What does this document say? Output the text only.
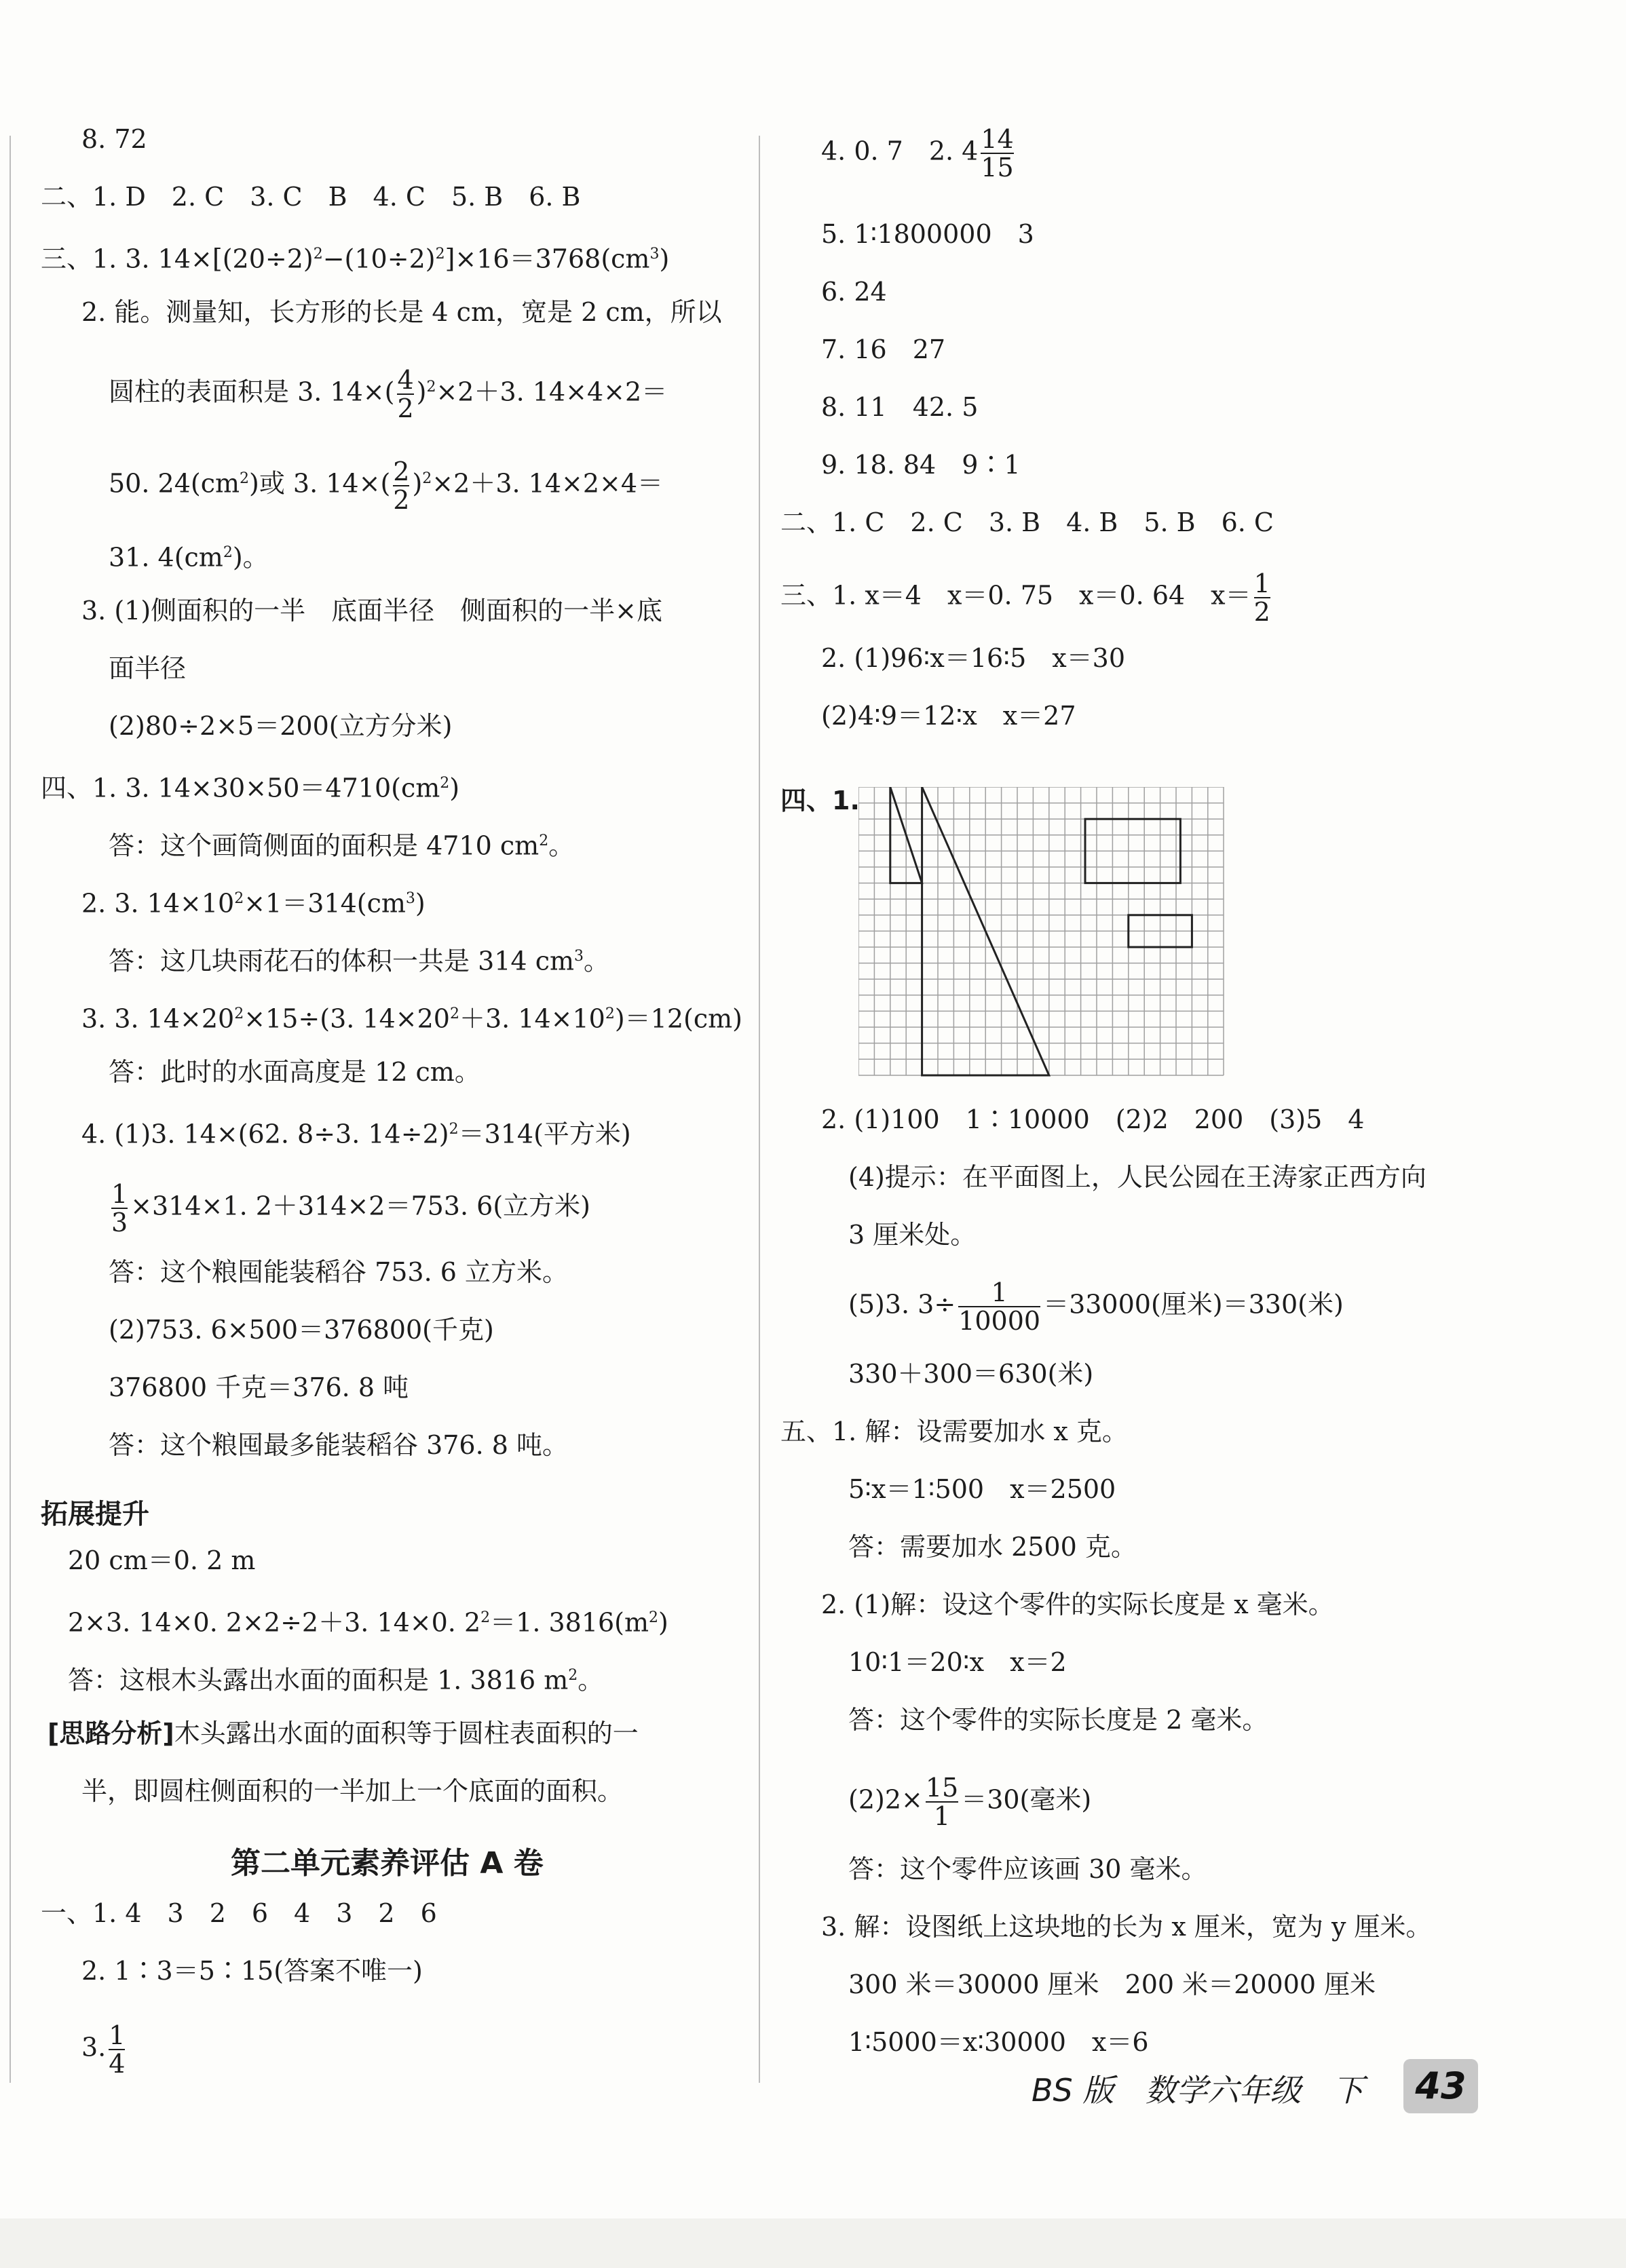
8. 72
二、1. D　2. C　3. C　B　4. C　5. B　6. B
三、1. 3. $14\times[(20\div 2)^2-(10\div 2)^2]\times 16=3768(cm^3)$
2. 能。测量知，长方形的长是 4 cm，宽是 2 cm，所以
圆柱的表面积是 3. $14\times( \frac{4}{2} )^2\times 2+3$. 14×4×2＝
50. $24(cm^2)$或 3. $14\times( \frac{2}{2} )^2\times 2+3$. 14×2×4＝
31. $4(cm^2)$。
3. (1)侧面积的一半　底面半径　侧面积的一半×底
面半径
(2)80÷2×5＝200(立方分米)
四、1. 3. $14\times 30\times 50=4710(cm^2)$
答：这个画筒侧面的面积是 4710 $cm^2$。
2. 3. $14\times 10^2\times 1=314(cm^3)$
答：这几块雨花石的体积一共是 314 $cm^3$。
3. 3. $14\times 20^2\times 15\div(3$. $14\times 20^2+3$. $14\times 10^2)=12(cm)$
答：此时的水面高度是 12 cm。
4. (1)3. 14×(62. 8÷3. 14÷2)$^2$＝314(平方米)
$\frac{1}{3} \times 314\times 1$. 2＋314×2＝753. 6(立方米)
答：这个粮囤能装稻谷 753. 6 立方米。
(2)753. 6×500＝376800(千克)
376800 千克＝376. 8 吨
答：这个粮囤最多能装稻谷 376. 8 吨。
拓展提升
20 cm＝0. 2 m
2×3. 14×0. 2×2÷2＋3. 14×0. $2^2=1$. $3816(m^2)$
答：这根木头露出水面的面积是 1. 3816 $m^2$。
[思路分析]木头露出水面的面积等于圆柱表面积的一
半，即圆柱侧面积的一半加上一个底面的面积。
第二单元素养评估 A 卷
一、1. 4　3　2　6　4　3　2　6
2. 1∶3＝5∶15(答案不唯一)
3. $\frac{1}{4}$
4. 0. 7　2. $4 \frac{14}{15}$
5. 1∶1800000　3
6. 24
7. 16　27
8. 11　42. 5
9. 18. 84　9∶1
二、1. C　2. C　3. B　4. B　5. B　6. C
三、1. x＝4　x＝0. 75　x＝0. 64　$x= \frac{1}{2}$
2. (1)96∶x＝16∶5　x＝30
(2)4∶9＝12∶x　x＝27
四、1.
2. (1)100　1∶10000　(2)2　200　(3)5　4
(4)提示：在平面图上，人民公园在王涛家正西方向
3 厘米处。
(5)3. $3\div \frac{1}{10000} =33000$(厘米)＝330(米)
330＋300＝630(米)
五、1. 解：设需要加水 x 克。
5∶x＝1∶500　x＝2500
答：需要加水 2500 克。
2. (1)解：设这个零件的实际长度是 x 毫米。
10∶1＝20∶x　x＝2
答：这个零件的实际长度是 2 毫米。
$(2)2\times \frac{15}{1} =30$(毫米)
答：这个零件应该画 30 毫米。
3. 解：设图纸上这块地的长为 x 厘米，宽为 y 厘米。
300 米＝30000 厘米　200 米＝20000 厘米
1∶5000＝x∶30000　x＝6
BS 版　数学六年级　下	43
